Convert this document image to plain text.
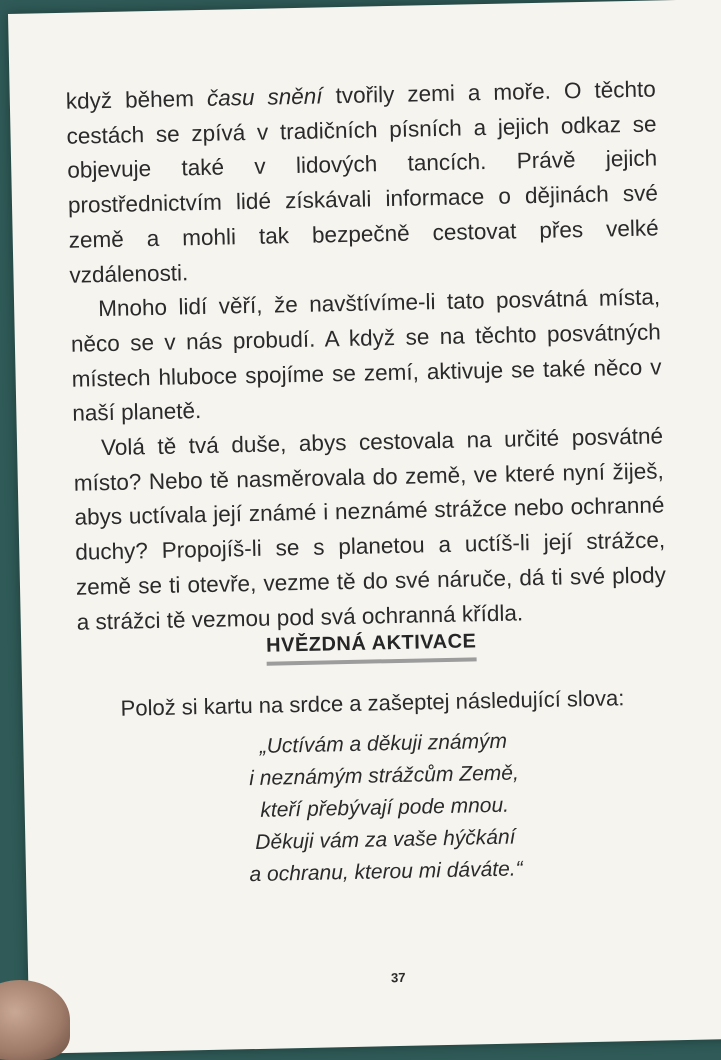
když během času snění tvořily zemi a moře. O těchto cestách se zpívá v tradičních písních a jejich odkaz se objevuje také v lidových tancích. Právě jejich prostřednictvím lidé získávali informace o dějinách své země a mohli tak bezpečně cestovat přes velké vzdálenosti.

Mnoho lidí věří, že navštívíme-li tato posvátná místa, něco se v nás probudí. A když se na těchto posvátných místech hluboce spojíme se zemí, aktivuje se také něco v naší planetě.

Volá tě tvá duše, abys cestovala na určité posvátné místo? Nebo tě nasměrovala do země, ve které nyní žiješ, abys uctívala její známé i neznámé strážce nebo ochranné duchy? Propojíš-li se s planetou a uctíš-li její strážce, země se ti otevře, vezme tě do své náruče, dá ti své plody a strážci tě vezmou pod svá ochranná křídla.

HVĚZDNÁ AKTIVACE
Polož si kartu na srdce a zašeptej následující slova:
„Uctívám a děkuji známým
i neznámým strážcům Země,
kteří přebývají pode mnou.
Děkuji vám za vaše hýčkání
a ochranu, kterou mi dáváte.“
37
